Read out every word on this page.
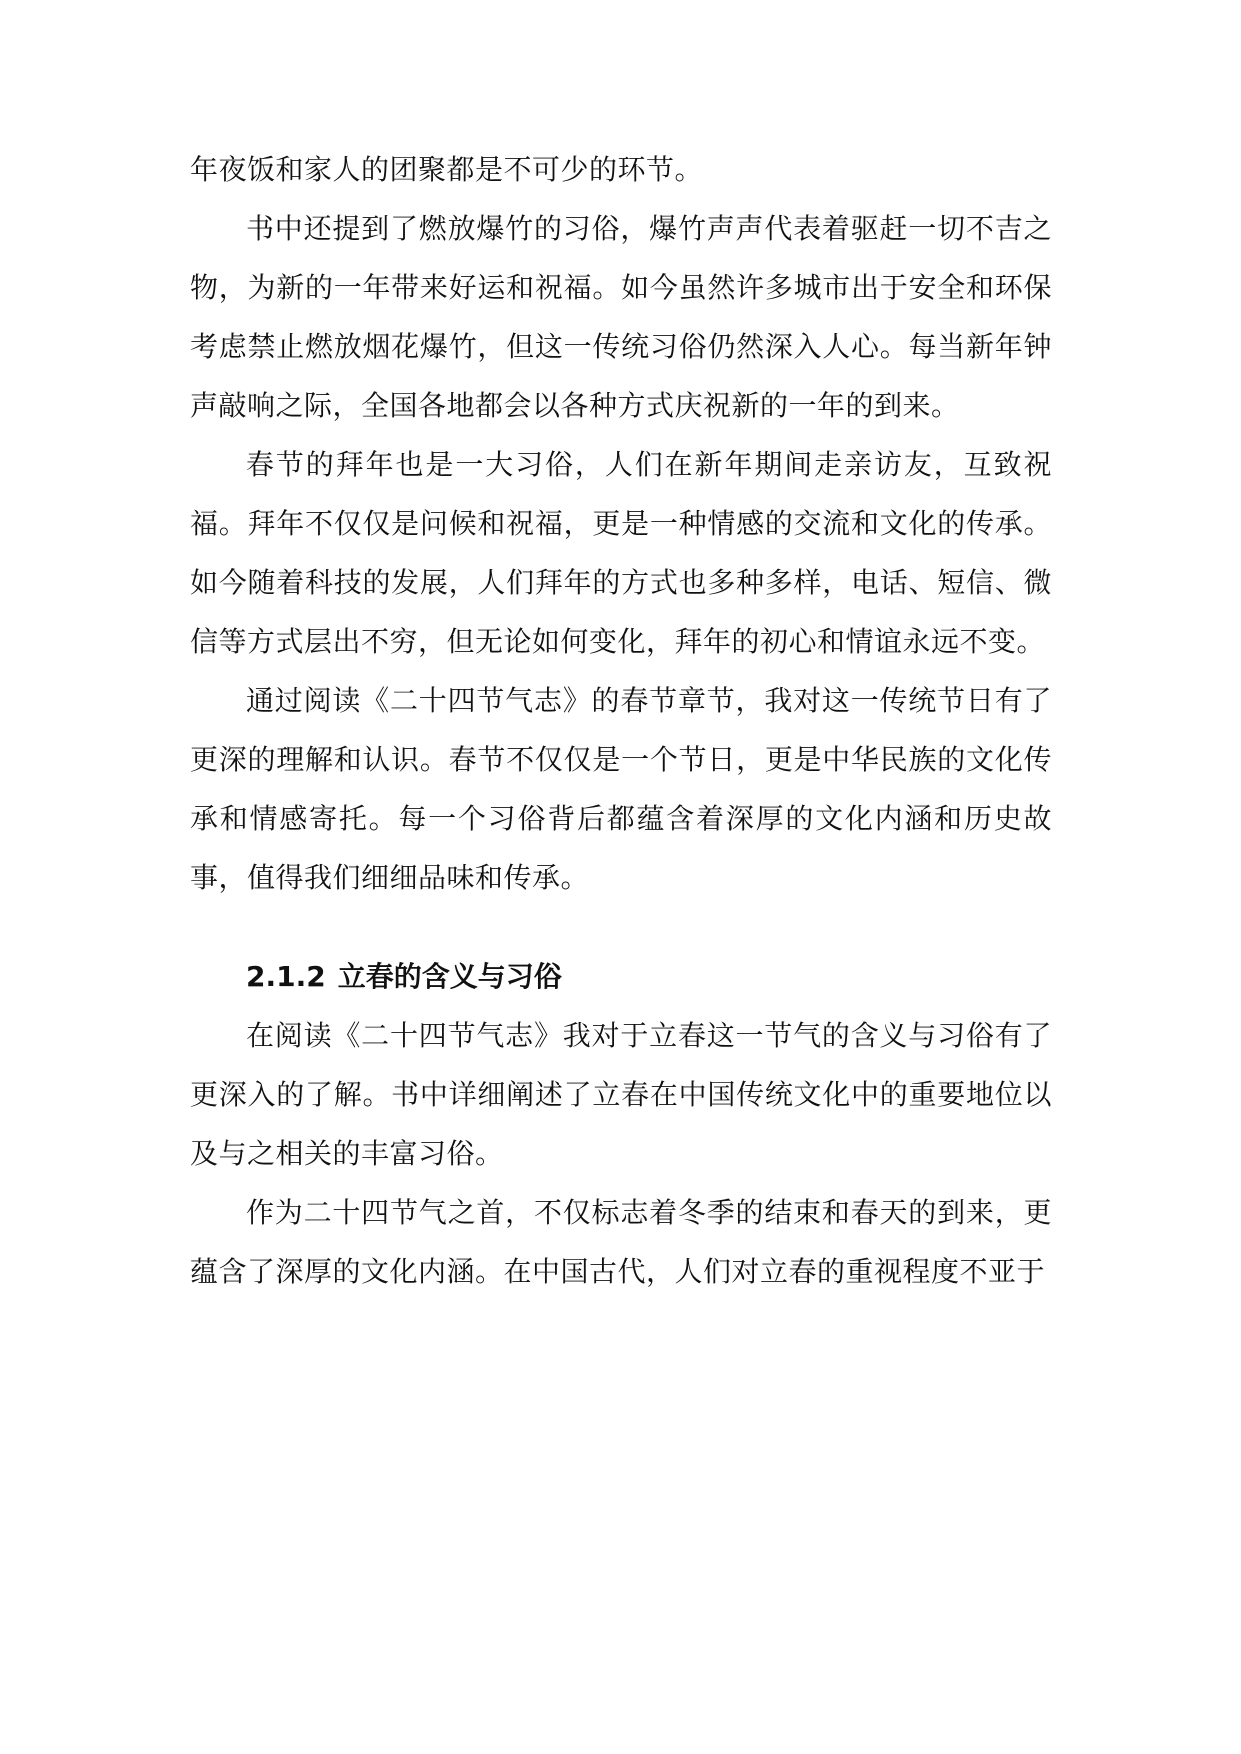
年夜饭和家人的团聚都是不可少的环节。

书中还提到了燃放爆竹的习俗，爆竹声声代表着驱赶一切不吉之物，为新的一年带来好运和祝福。如今虽然许多城市出于安全和环保考虑禁止燃放烟花爆竹，但这一传统习俗仍然深入人心。每当新年钟声敲响之际，全国各地都会以各种方式庆祝新的一年的到来。

春节的拜年也是一大习俗，人们在新年期间走亲访友，互致祝福。拜年不仅仅是问候和祝福，更是一种情感的交流和文化的传承。如今随着科技的发展，人们拜年的方式也多种多样，电话、短信、微信等方式层出不穷，但无论如何变化，拜年的初心和情谊永远不变。

通过阅读《二十四节气志》的春节章节，我对这一传统节日有了更深的理解和认识。春节不仅仅是一个节日，更是中华民族的文化传承和情感寄托。每一个习俗背后都蕴含着深厚的文化内涵和历史故事，值得我们细细品味和传承。

2.1.2 立春的含义与习俗

在阅读《二十四节气志》我对于立春这一节气的含义与习俗有了更深入的了解。书中详细阐述了立春在中国传统文化中的重要地位以及与之相关的丰富习俗。

作为二十四节气之首，不仅标志着冬季的结束和春天的到来，更蕴含了深厚的文化内涵。在中国古代，人们对立春的重视程度不亚于
